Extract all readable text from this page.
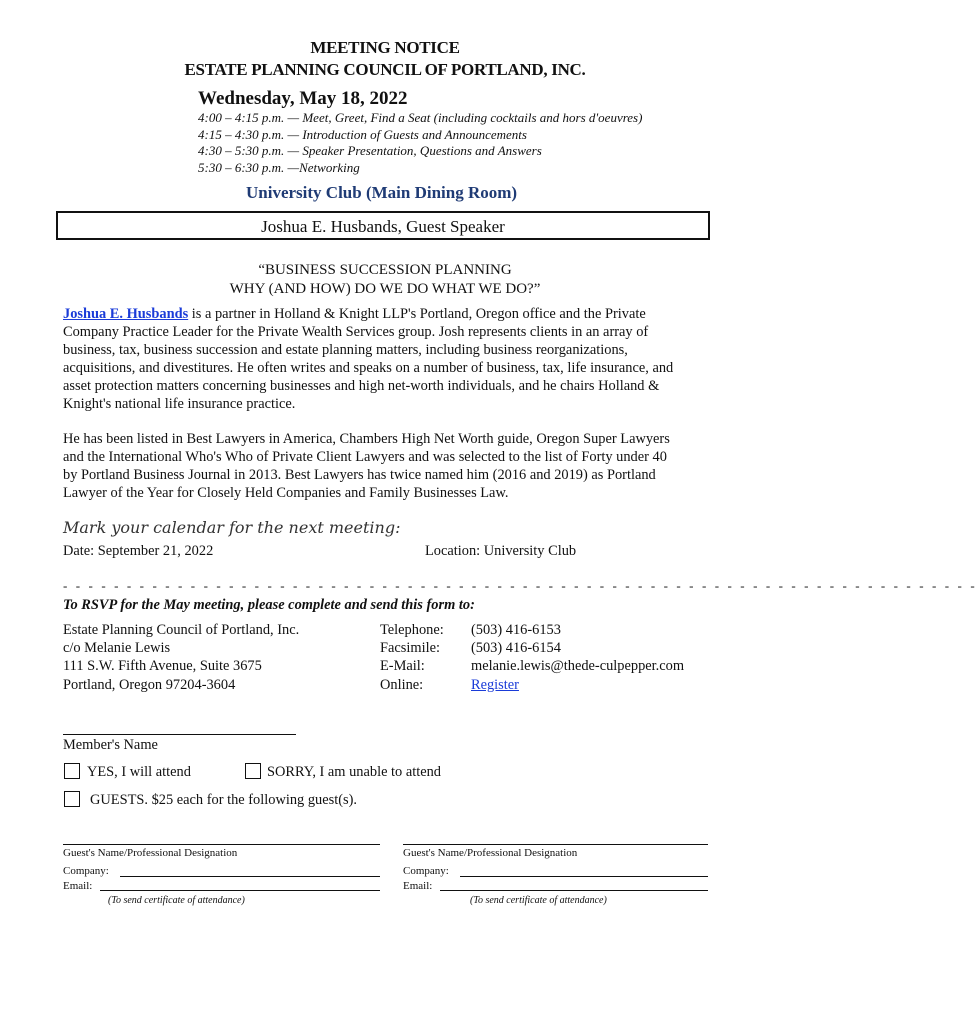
MEETING NOTICE
ESTATE PLANNING COUNCIL OF PORTLAND, INC.
Wednesday, May 18, 2022
4:00 – 4:15 p.m. — Meet, Greet, Find a Seat (including cocktails and hors d'oeuvres)
4:15 – 4:30 p.m. — Introduction of Guests and Announcements
4:30 – 5:30 p.m. — Speaker Presentation, Questions and Answers
5:30 – 6:30 p.m. —Networking
University Club (Main Dining Room)
Joshua E. Husbands, Guest Speaker
“BUSINESS SUCCESSION PLANNING
WHY (AND HOW) DO WE DO WHAT WE DO?”
Joshua E. Husbands is a partner in Holland & Knight LLP's Portland, Oregon office and the Private
Company Practice Leader for the Private Wealth Services group. Josh represents clients in an array of
business, tax, business succession and estate planning matters, including business reorganizations,
acquisitions, and divestitures. He often writes and speaks on a number of business, tax, life insurance, and
asset protection matters concerning businesses and high net-worth individuals, and he chairs Holland &
Knight's national life insurance practice.
He has been listed in Best Lawyers in America, Chambers High Net Worth guide, Oregon Super Lawyers
and the International Who's Who of Private Client Lawyers and was selected to the list of Forty under 40
by Portland Business Journal in 2013. Best Lawyers has twice named him (2016 and 2019) as Portland
Lawyer of the Year for Closely Held Companies and Family Businesses Law.
Mark your calendar for the next meeting:
Date: September 21, 2022	Location: University Club
- - - - - - - - - - - - - - - - - - - - - - - - - - - - - - - - - - - - - - - - - - - - - - - - - - - - - - - - - - - - - - - - - - - - - - - -
To RSVP for the May meeting, please complete and send this form to:
Estate Planning Council of Portland, Inc.
c/o Melanie Lewis
111 S.W. Fifth Avenue, Suite 3675
Portland, Oregon 97204-3604
Telephone:
Facsimile:
E-Mail:
Online:
(503) 416-6153
(503) 416-6154
melanie.lewis@thede-culpepper.com
Register
Member's Name
YES, I will attend	SORRY, I am unable to attend
GUESTS. $25 each for the following guest(s).
Guest's Name/Professional Designation
Company:
Email:
(To send certificate of attendance)
Guest's Name/Professional Designation
Company:
Email:
(To send certificate of attendance)
